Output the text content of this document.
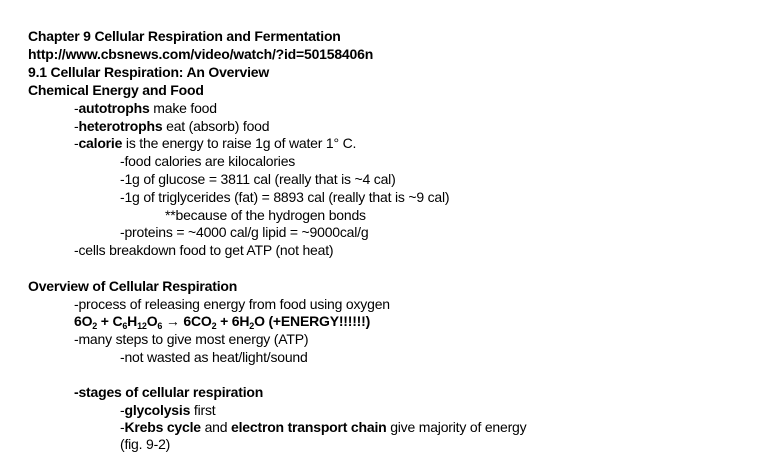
Chapter 9 Cellular Respiration and Fermentation
http://www.cbsnews.com/video/watch/?id=50158406n
9.1 Cellular Respiration: An Overview
Chemical Energy and Food
-autotrophs make food
-heterotrophs eat (absorb) food
-calorie is the energy to raise 1g of water 1° C.
-food calories are kilocalories
-1g of glucose = 3811 cal (really that is ~4 cal)
-1g of triglycerides (fat) = 8893 cal (really that is ~9 cal)
**because of the hydrogen bonds
-proteins = ~4000 cal/g lipid = ~9000cal/g
-cells breakdown food to get ATP (not heat)
Overview of Cellular Respiration
-process of releasing energy from food using oxygen
$6O_2 + C_6H_{12}O_6 \to 6CO_2 + 6H_2O$ (+ENERGY!!!!!!)
-many steps to give most energy (ATP)
-not wasted as heat/light/sound
-stages of cellular respiration
-glycolysis first
-Krebs cycle and electron transport chain give majority of energy
(fig. 9-2)
